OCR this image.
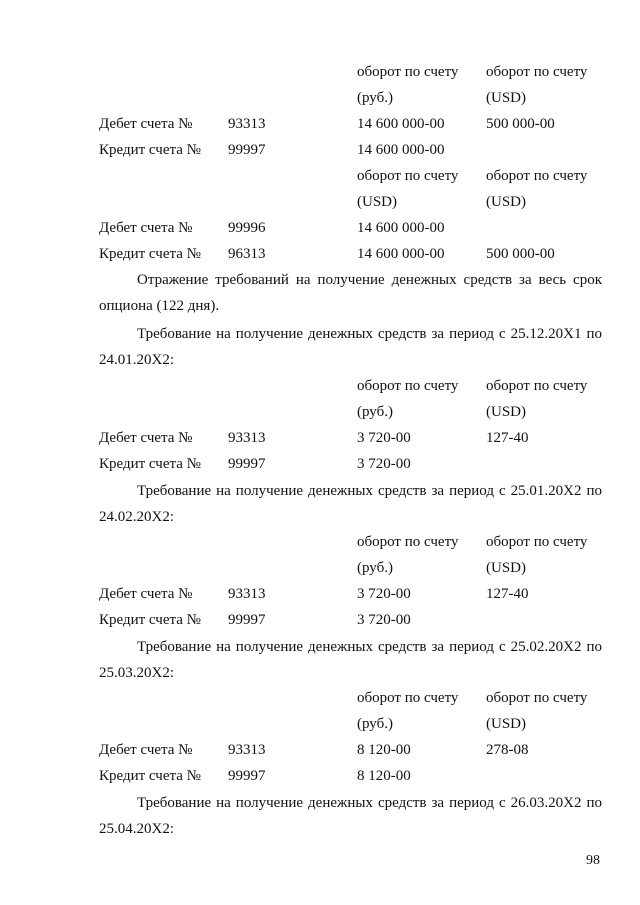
оборот по счету оборот по счету
(руб.)	(USD)
Дебет счета № 93313	14 600 000-00	500 000-00
Кредит счета № 99997	14 600 000-00
оборот по счету оборот по счету
(USD)	(USD)
Дебет счета № 99996	14 600 000-00
Кредит счета № 96313	14 600 000-00	500 000-00
Отражение требований на получение денежных средств за весь срок
опциона (122 дня).
Требование на получение денежных средств за период с 25.12.20X1 по
24.01.20X2:
оборот по счету оборот по счету
(руб.)	(USD)
Дебет счета № 93313	3 720-00	127-40
Кредит счета № 99997	3 720-00
Требование на получение денежных средств за период с 25.01.20X2 по
24.02.20X2:
оборот по счету оборот по счету
(руб.)	(USD)
Дебет счета № 93313	3 720-00	127-40
Кредит счета № 99997	3 720-00
Требование на получение денежных средств за период с 25.02.20X2 по
25.03.20X2:
оборот по счету оборот по счету
(руб.)	(USD)
Дебет счета № 93313	8 120-00	278-08
Кредит счета № 99997	8 120-00
Требование на получение денежных средств за период с 26.03.20X2 по
25.04.20X2:
98
